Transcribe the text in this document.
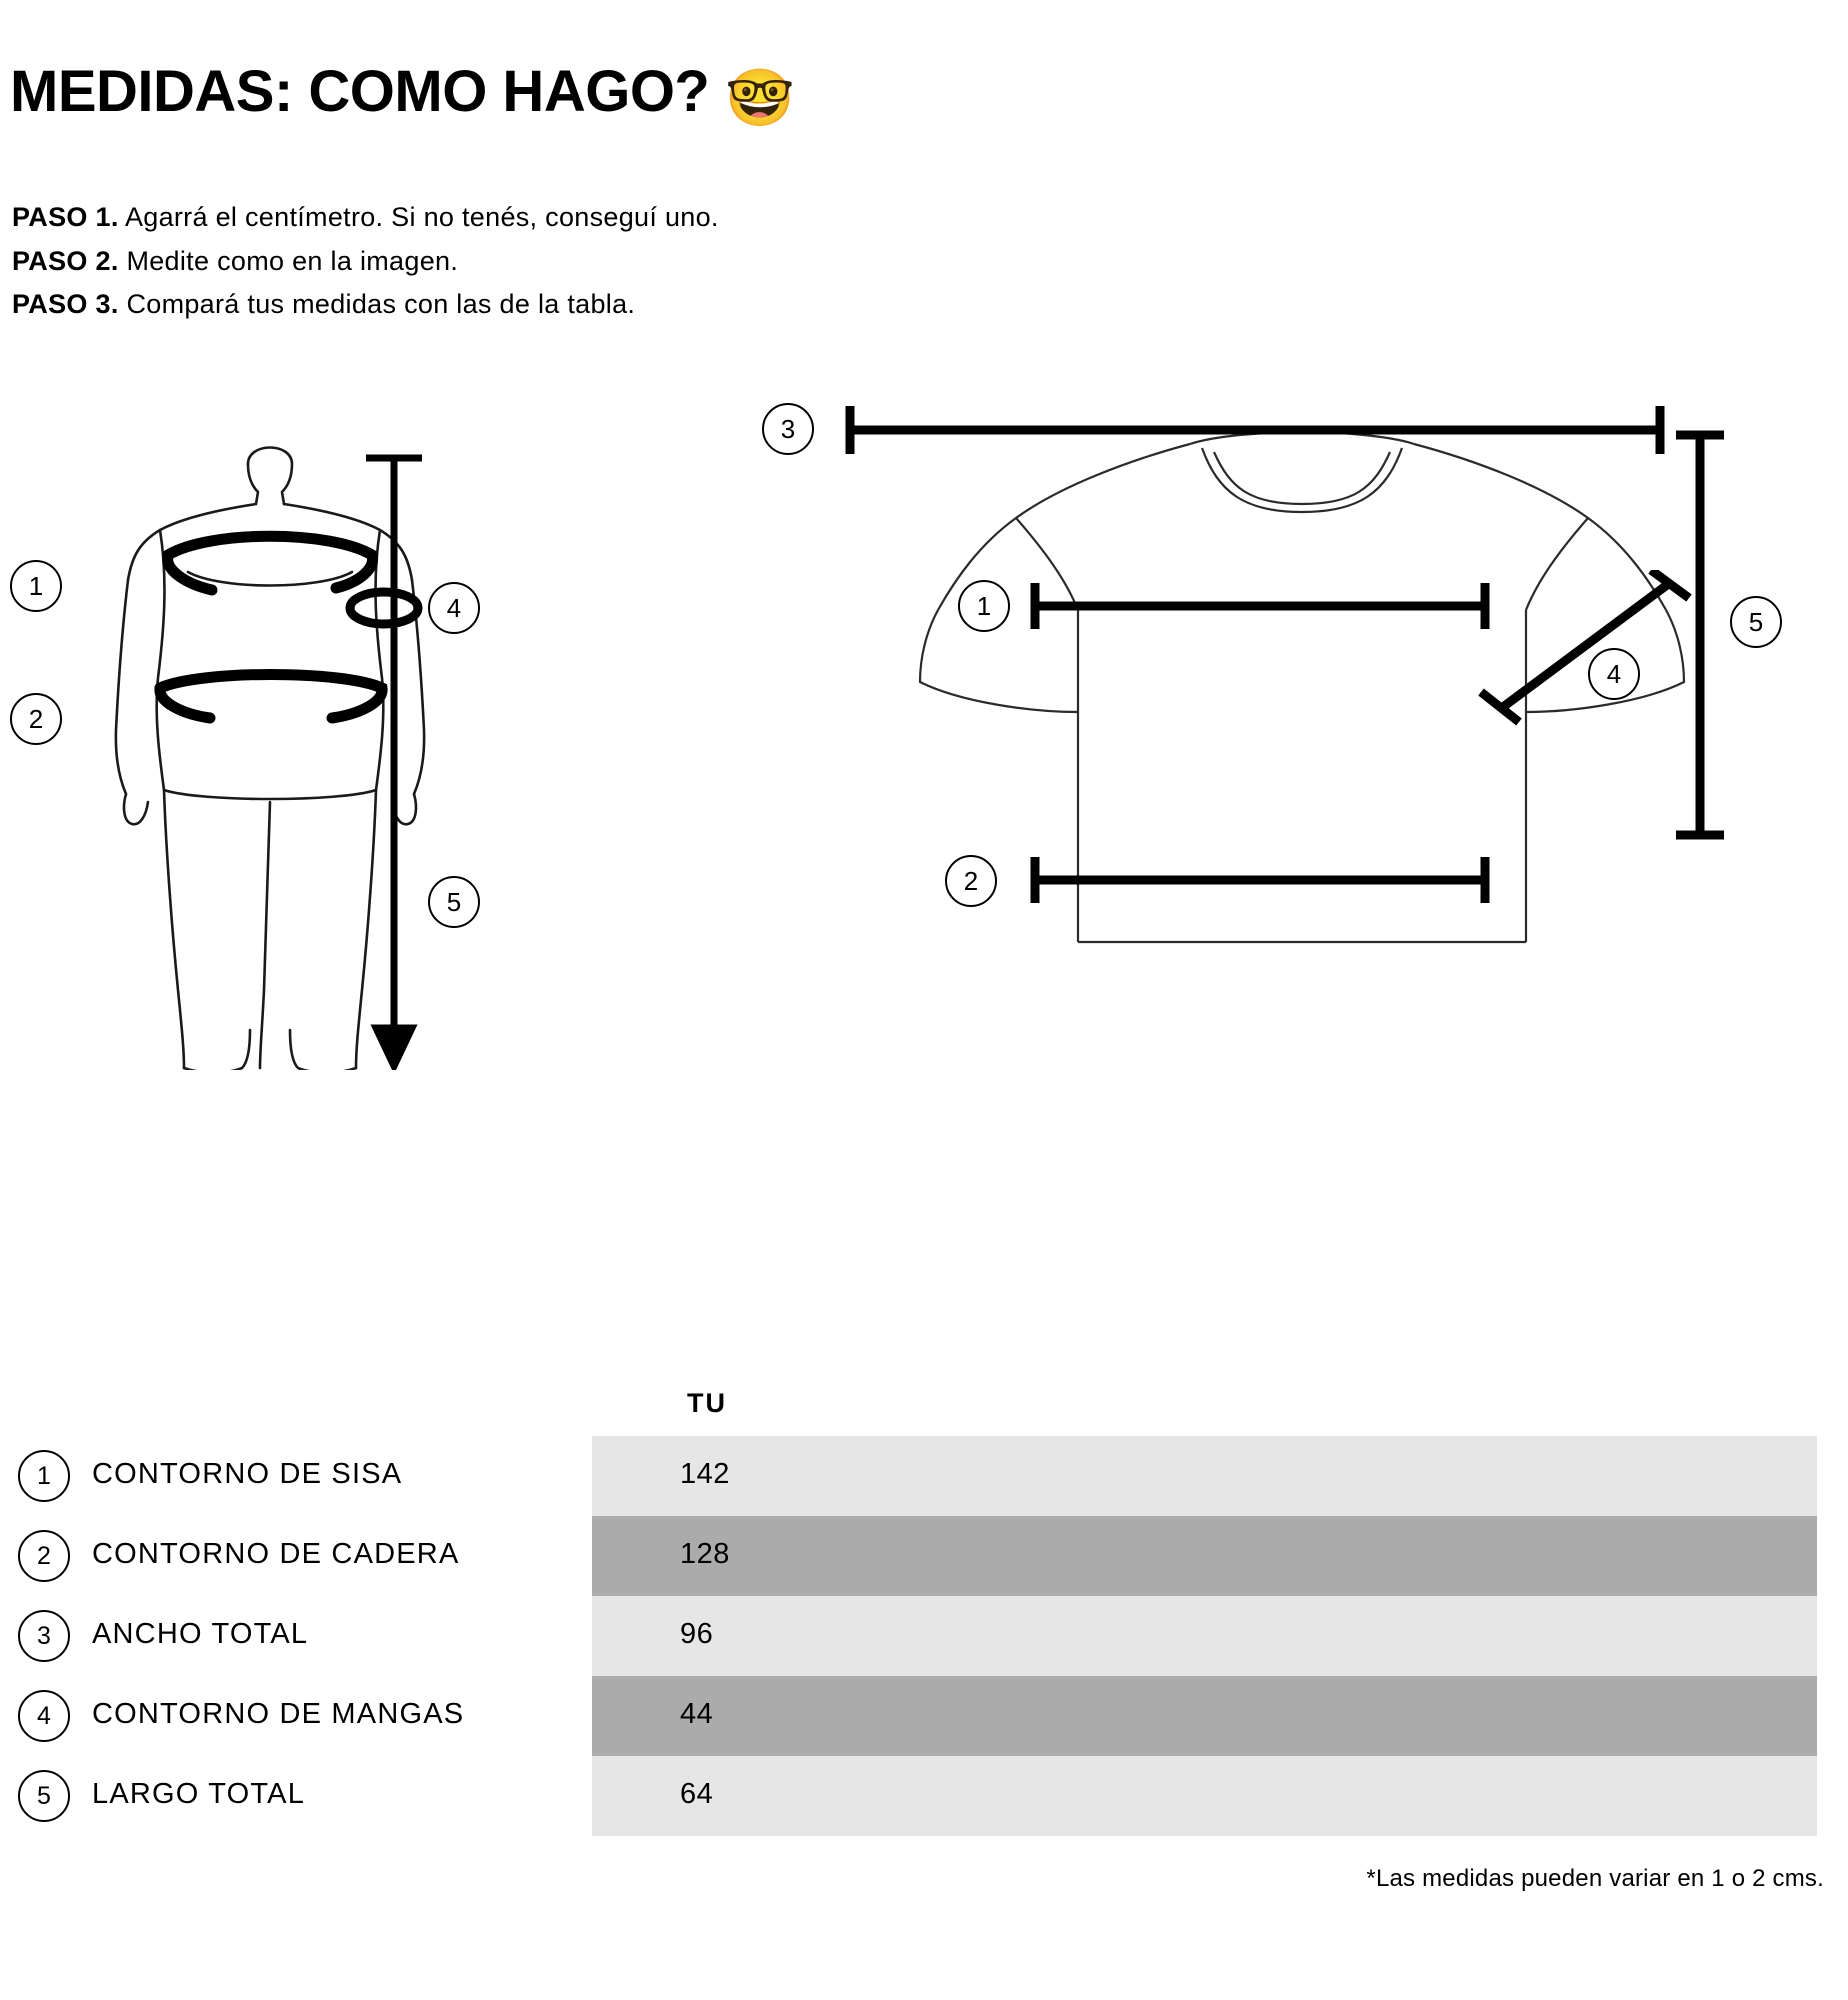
MEDIDAS: COMO HAGO? 🤓
PASO 1. Agarrá el centímetro. Si no tenés, conseguí uno.
PASO 2. Medite como en la imagen.
PASO 3. Compará tus medidas con las de la tabla.
1
2
4
5
3
1
2
4
5
TU
1 CONTORNO DE SISA	142
2 CONTORNO DE CADERA	128
3 ANCHO TOTAL	96
4 CONTORNO DE MANGAS	44
5 LARGO TOTAL	64
*Las medidas pueden variar en 1 o 2 cms.
